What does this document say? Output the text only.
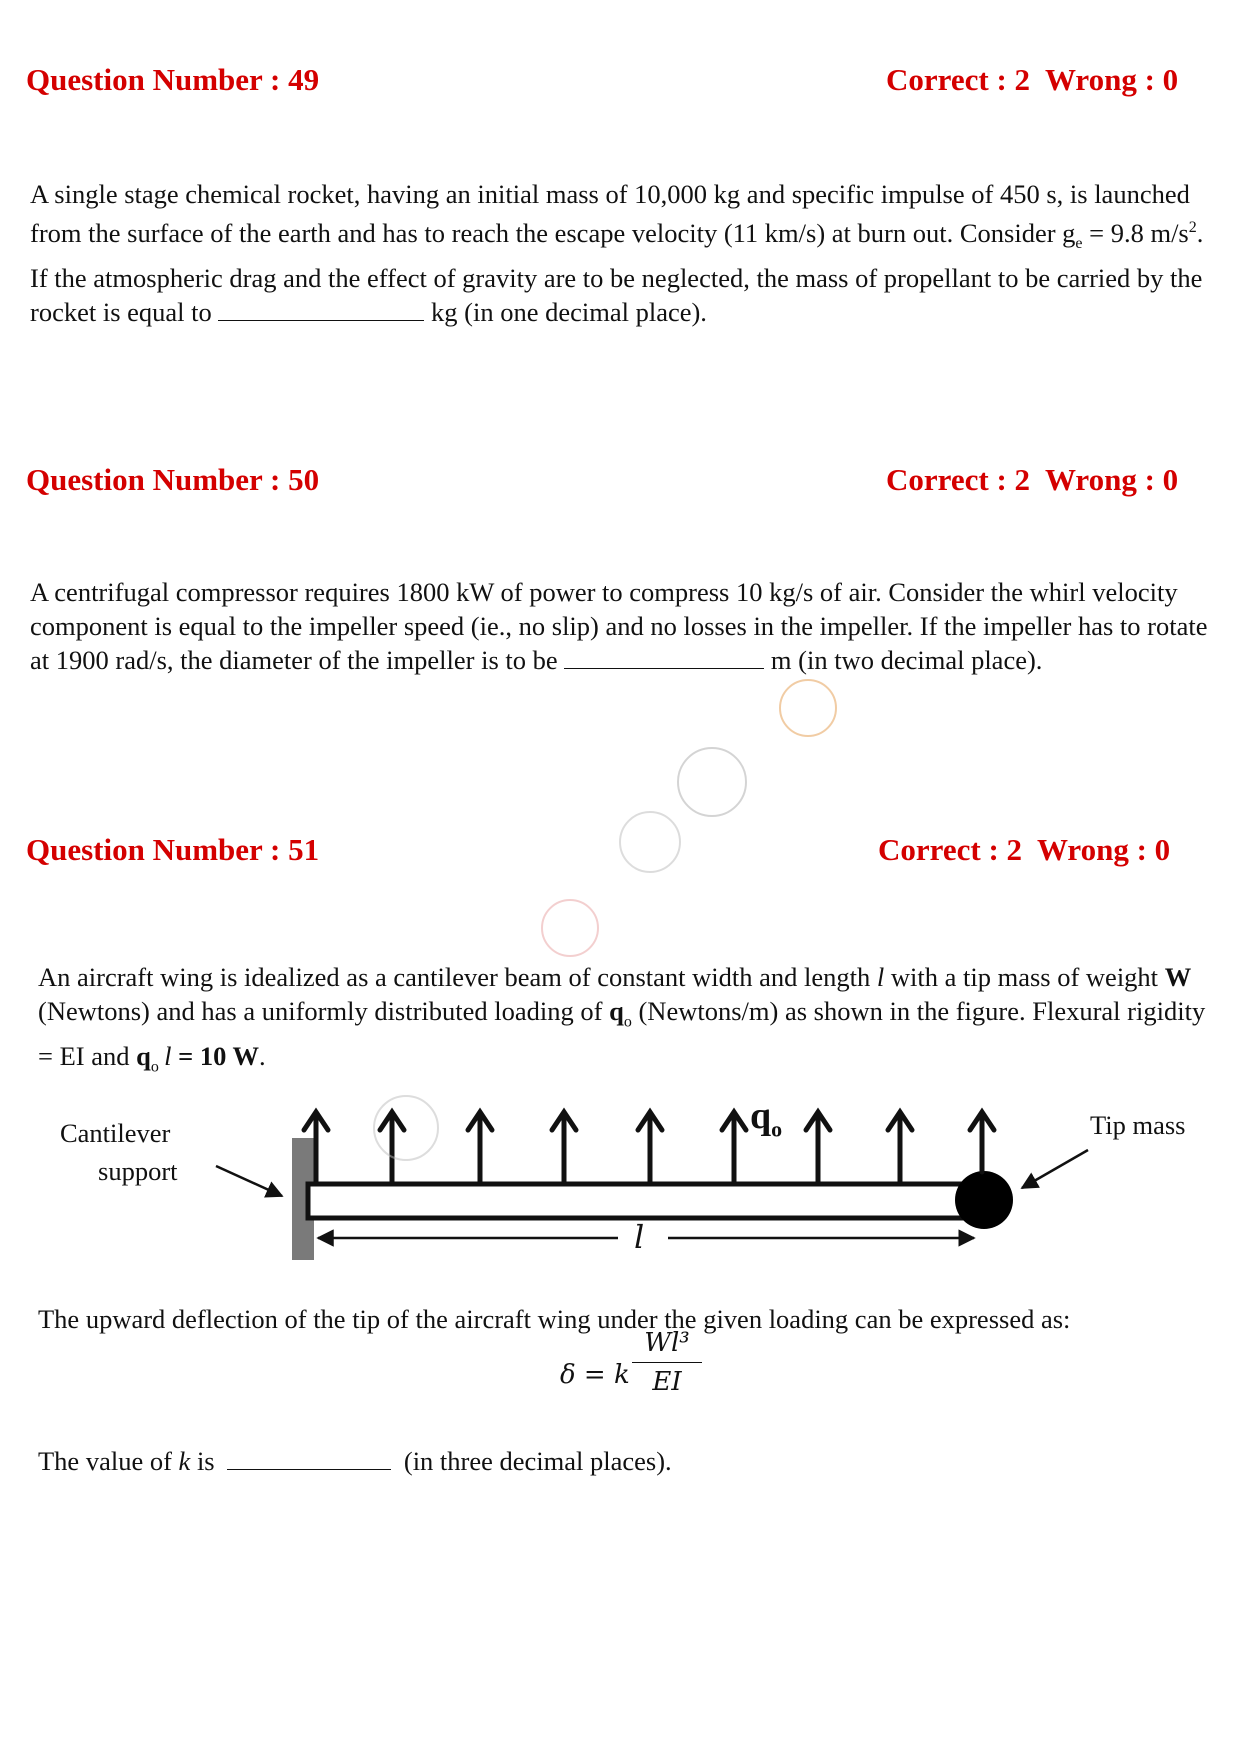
Question Number : 49	Correct : 2  Wrong : 0
A single stage chemical rocket, having an initial mass of 10,000 kg and specific impulse of 450 s, is launched from the surface of the earth and has to reach the escape velocity (11 km/s) at burn out. Consider $g_e = 9.8$ $m/s^2$. If the atmospheric drag and the effect of gravity are to be neglected, the mass of propellant to be carried by the rocket is equal to	kg (in one decimal place).
Question Number : 50	Correct : 2  Wrong : 0
A centrifugal compressor requires 1800 kW of power to compress 10 kg/s of air. Consider the whirl velocity component is equal to the impeller speed (ie., no slip) and no losses in the impeller. If the impeller has to rotate at 1900 rad/s, the diameter of the impeller is to be	m (in two decimal place).
Question Number : 51	Correct : 2  Wrong : 0
An aircraft wing is idealized as a cantilever beam of constant width and length l with a tip mass of weight W (Newtons) and has a uniformly distributed loading of $q_o$ (Newtons/m) as shown in the figure. Flexural rigidity = EI and $q_o$  l = 10 W.
Cantilever
support
Tip mass
$q_o$
l
The upward deflection of the tip of the aircraft wing under the given loading can be expressed as:
δ = k $\frac{\text{Wl³}}{EI}$
The value of k is	(in three decimal places).
